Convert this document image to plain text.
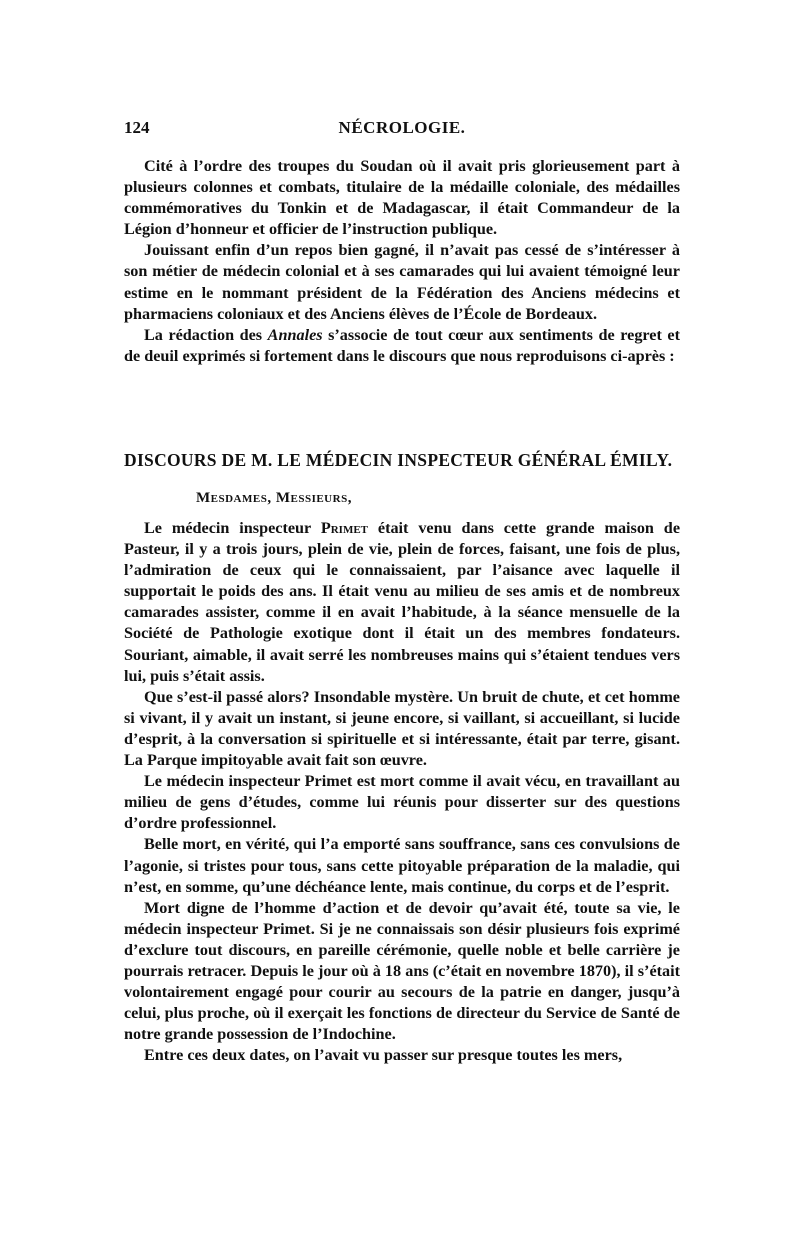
124	NÉCROLOGIE.

Cité à l’ordre des troupes du Soudan où il avait pris glorieusement part à plusieurs colonnes et combats, titulaire de la médaille coloniale, des médailles commémoratives du Tonkin et de Madagascar, il était Commandeur de la Légion d’honneur et officier de l’instruction publique.

Jouissant enfin d’un repos bien gagné, il n’avait pas cessé de s’intéresser à son métier de médecin colonial et à ses camarades qui lui avaient témoigné leur estime en le nommant président de la Fédération des Anciens médecins et pharmaciens coloniaux et des Anciens élèves de l’École de Bordeaux.

La rédaction des Annales s’associe de tout cœur aux sentiments de regret et de deuil exprimés si fortement dans le discours que nous reproduisons ci-après :

DISCOURS DE M. LE MÉDECIN INSPECTEUR GÉNÉRAL ÉMILY.
Mesdames, Messieurs,

Le médecin inspecteur Primet était venu dans cette grande maison de Pasteur, il y a trois jours, plein de vie, plein de forces, faisant, une fois de plus, l’admiration de ceux qui le connaissaient, par l’aisance avec laquelle il supportait le poids des ans. Il était venu au milieu de ses amis et de nombreux camarades assister, comme il en avait l’habitude, à la séance mensuelle de la Société de Pathologie exotique dont il était un des membres fondateurs. Souriant, aimable, il avait serré les nombreuses mains qui s’étaient tendues vers lui, puis s’était assis.

Que s’est-il passé alors? Insondable mystère. Un bruit de chute, et cet homme si vivant, il y avait un instant, si jeune encore, si vaillant, si accueillant, si lucide d’esprit, à la conversation si spirituelle et si intéressante, était par terre, gisant. La Parque impitoyable avait fait son œuvre.

Le médecin inspecteur Primet est mort comme il avait vécu, en travaillant au milieu de gens d’études, comme lui réunis pour disserter sur des questions d’ordre professionnel.

Belle mort, en vérité, qui l’a emporté sans souffrance, sans ces convulsions de l’agonie, si tristes pour tous, sans cette pitoyable préparation de la maladie, qui n’est, en somme, qu’une déchéance lente, mais continue, du corps et de l’esprit.

Mort digne de l’homme d’action et de devoir qu’avait été, toute sa vie, le médecin inspecteur Primet. Si je ne connaissais son désir plusieurs fois exprimé d’exclure tout discours, en pareille cérémonie, quelle noble et belle carrière je pourrais retracer. Depuis le jour où à 18 ans (c’était en novembre 1870), il s’était volontairement engagé pour courir au secours de la patrie en danger, jusqu’à celui, plus proche, où il exerçait les fonctions de directeur du Service de Santé de notre grande possession de l’Indochine.

Entre ces deux dates, on l’avait vu passer sur presque toutes les mers,
